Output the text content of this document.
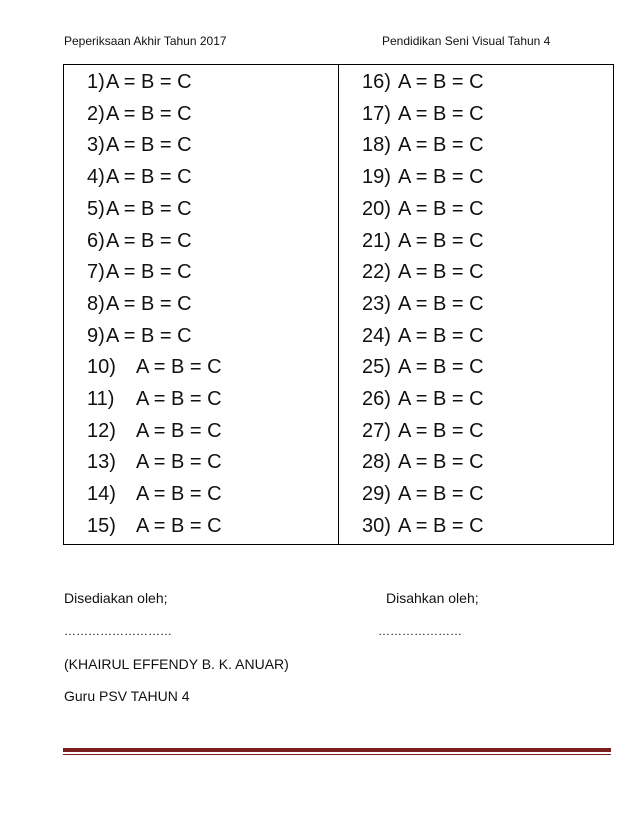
Peperiksaan Akhir Tahun 2017	Pendidikan Seni Visual Tahun 4
1) A = B = C
2) A = B = C
3) A = B = C
4) A = B = C
5) A = B = C
6) A = B = C
7) A = B = C
8) A = B = C
9) A = B = C
10) A = B = C
11) A = B = C
12) A = B = C
13) A = B = C
14) A = B = C
15) A = B = C
16) A = B = C
17) A = B = C
18) A = B = C
19) A = B = C
20) A = B = C
21) A = B = C
22) A = B = C
23) A = B = C
24) A = B = C
25) A = B = C
26) A = B = C
27) A = B = C
28) A = B = C
29) A = B = C
30) A = B = C
Disediakan oleh;	Disahkan oleh;
………………………	…………………
(KHAIRUL EFFENDY B. K. ANUAR)
Guru PSV TAHUN 4
